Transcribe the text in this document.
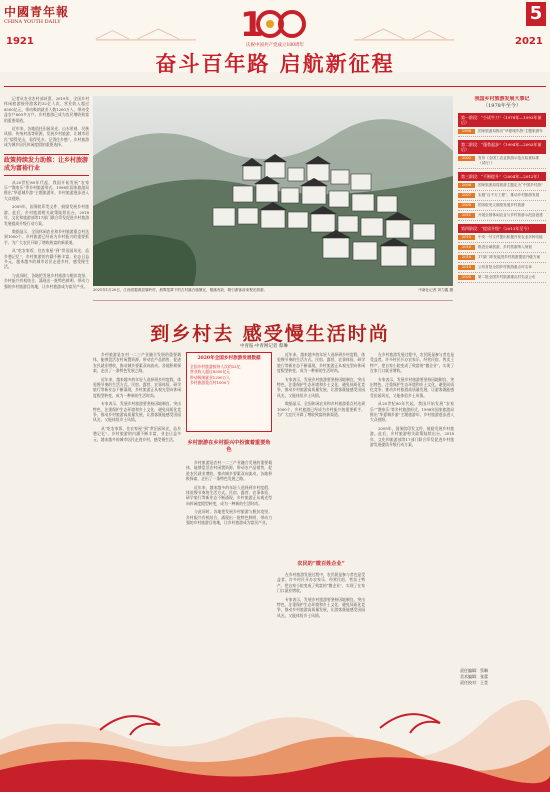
中國青年報
CHINA YOUTH DAILY
1921	2021
1
庆祝中国共产党成立100周年
5
奋斗百年路 启航新征程

记者从农业农村部获悉，2019年，全国乡村休闲旅游接待游客约32亿人次，营业收入超过8500亿元，带动吸纳就业人数1200万人，带动受益农户800多万户。乡村旅游已成为农民增收致富的重要渠道。

近年来，各地依托田园风光、山水景观、民族风情、传统村落等资源，发展乡村旅游，让城市居民“望得见山、看得见水、记得住乡愁”，乡村旅游成为城乡居民休闲度假的重要选择。

政策持续发力助推：让乡村旅游成为富裕行业

从20世纪80年代起，我国开始发展“农家乐”“渔家乐”等乡村旅游形式，1998年国家旅游局推出“华夏城乡游”主题旅游年，乡村旅游逐步进入大众视野。

2009年，国务院印发文件，鼓励发展乡村旅游。此后，乡村旅游相关政策陆续出台，2018年，文化和旅游部等17部门联合印发促进乡村旅游发展提质升级行动方案。

数据显示，全国休闲农业和乡村旅游重点村达到1000个，乡村旅游已经成为乡村振兴的重要抓手，为广大农民开辟了增收致富的新渠道。

从“吃农家饭、住农家屋”到“赏田园风光、品乡愁记忆”，乡村旅游的内涵不断丰富，业态日益多元，越来越多的城市居民走进乡村，感受慢生活。

与此同时，各地把发展乡村旅游与脱贫攻坚、乡村振兴有机结合，涌现出一批特色鲜明、带动力强的乡村旅游目的地，让乡村旅游成为富民产业。

2021年1月20日，江西省婺源县篁岭村，晨雾笼罩下的古村落白墙黛瓦，错落有致，吸引游客前来观光旅游。	中新社记者 刘力鑫 摄
到乡村去 感受慢生活时尚
中青报·中青网记者 蔡琳

乡村旅游是农村一二三产业融合发展的重要载体，能够盘活农村闲置资源，带动农产品销售，促进农民就业增收，推动城乡要素双向流动。各地积极探索，走出了一条特色发展之路。

近年来，越来越多的年轻人选择到乡村度假，体验慢节奏的生活方式。民宿、露营、农事体验、研学旅行等新业态不断涌现，乡村旅游正从观光型向休闲度假型转变，成为一种新的生活时尚。

专家表示，发展乡村旅游要坚持因地制宜、突出特色，注重保护生态环境和乡土文化，避免同质化竞争，推动乡村旅游高质量发展，让游客既能感受田园风光，又能体验乡土风情。

从“吃农家饭、住农家屋”到“赏田园风光、品乡愁记忆”，乡村旅游的内涵不断丰富，业态日益多元，越来越多的城市居民走进乡村，感受慢生活。

2020年全国乡村旅游发展数据
全国乡村旅游接待人次约32亿
营业收入超过8500亿元
带动吸纳就业1200万人
乡村旅游重点村1000个
乡村旅游在乡村振兴中扮演着重要角色

乡村旅游是农村一二三产业融合发展的重要载体，能够盘活农村闲置资源，带动农产品销售，促进农民就业增收，推动城乡要素双向流动。各地积极探索，走出了一条特色发展之路。

近年来，越来越多的年轻人选择到乡村度假，体验慢节奏的生活方式。民宿、露营、农事体验、研学旅行等新业态不断涌现，乡村旅游正从观光型向休闲度假型转变，成为一种新的生活时尚。

与此同时，各地把发展乡村旅游与脱贫攻坚、乡村振兴有机结合，涌现出一批特色鲜明、带动力强的乡村旅游目的地，让乡村旅游成为富民产业。

近年来，越来越多的年轻人选择到乡村度假，体验慢节奏的生活方式。民宿、露营、农事体验、研学旅行等新业态不断涌现，乡村旅游正从观光型向休闲度假型转变，成为一种新的生活时尚。

专家表示，发展乡村旅游要坚持因地制宜、突出特色，注重保护生态环境和乡土文化，避免同质化竞争，推动乡村旅游高质量发展，让游客既能感受田园风光，又能体验乡土风情。

数据显示，全国休闲农业和乡村旅游重点村达到1000个，乡村旅游已经成为乡村振兴的重要抓手，为广大农民开辟了增收致富的新渠道。

农民的“微百姓企业”

在乡村旅游发展过程中，农民既是参与者也是受益者。许多村民开办农家乐、经营民宿、售卖土特产，把自家小院变成了致富的“微企业”，实现了在家门口就业增收。

专家表示，发展乡村旅游要坚持因地制宜、突出特色，注重保护生态环境和乡土文化，避免同质化竞争，推动乡村旅游高质量发展，让游客既能感受田园风光，又能体验乡土风情。

在乡村旅游发展过程中，农民既是参与者也是受益者。许多村民开办农家乐、经营民宿、售卖土特产，把自家小院变成了致富的“微企业”，实现了在家门口就业增收。

专家表示，发展乡村旅游要坚持因地制宜、突出特色，注重保护生态环境和乡土文化，避免同质化竞争，推动乡村旅游高质量发展，让游客既能感受田园风光，又能体验乡土风情。

从20世纪80年代起，我国开始发展“农家乐”“渔家乐”等乡村旅游形式，1998年国家旅游局推出“华夏城乡游”主题旅游年，乡村旅游逐步进入大众视野。

2009年，国务院印发文件，鼓励发展乡村旅游。此后，乡村旅游相关政策陆续出台，2018年，文化和旅游部等17部门联合印发促进乡村旅游发展提质升级行动方案。

我国乡村旅游发展大事记
（1978年至今）
第一阶段：“小试牛刀”（1978年—1993年前后）
1998	国家旅游局推出“华夏城乡游”主题旅游年
第二阶段：“蓬勃起步”（1994年—2003年前后）
2002	发布《全国工农业旅游示范点检查标准（试行）》
第三阶段：“不断提升”（2004年—2012年）
2006	国家旅游局将旅游主题定为“中国乡村游”
2007	实施“百千万工程”，推动乡村旅游发展
2009	国务院发文鼓励发展乡村旅游
2011	开展全国休闲农业与乡村旅游示范县创建
第四阶段：“提质升级”（2013年至今）
2015	中央一号文件提出积极开发农业多种功能
2016	推进全域旅游，乡村旅游纳入规划
2018	17部门印发促进乡村旅游提质升级方案
2019	公布首批全国乡村旅游重点村名单
2020	第二批全国乡村旅游重点村名录公布
责任编辑：蔡琳
美术编辑：张蕾
责任校对：王莹
